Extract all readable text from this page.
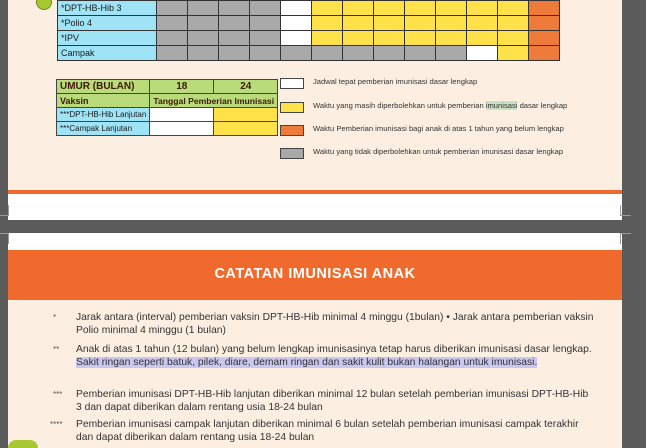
*DPT-HB-Hib 3													
*Polio 4													
*IPV													
Campak													
UMUR (BULAN)	18	24
Vaksin	Tanggal Pemberian Imunisasi	
***DPT-HB-Hib Lanjutan		
***Campak Lanjutan		
Jadwal tepat pemberian imunisasi dasar lengkap
Waktu yang masih diperbolehkan untuk pemberian imunisasi dasar lengkap
Waktu Pemberian imunisasi bagi anak di atas 1 tahun yang belum lengkap
Waktu yang tidak diperbolehkan untuk pemberian imunisasi dasar lengkap
CATATAN IMUNISASI ANAK
* Jarak antara (interval) pemberian vaksin DPT-HB-Hib minimal 4 minggu (1bulan) • Jarak antara pemberian vaksin Polio minimal 4 minggu (1 bulan)
** Anak di atas 1 tahun (12 bulan) yang belum lengkap imunisasinya tetap harus diberikan imunisasi dasar lengkap. Sakit ringan seperti batuk, pilek, diare, demam ringan dan sakit kulit bukan halangan untuk imunisasi.
*** Pemberian imunisasi DPT-HB-Hib lanjutan diberikan minimal 12 bulan setelah pemberian imunisasi DPT-HB-Hib 3 dan dapat diberikan dalam rentang usia 18-24 bulan
**** Pemberian imunisasi campak lanjutan diberikan minimal 6 bulan setelah pemberian imunisasi campak terakhir dan dapat diberikan dalam rentang usia 18-24 bulan
